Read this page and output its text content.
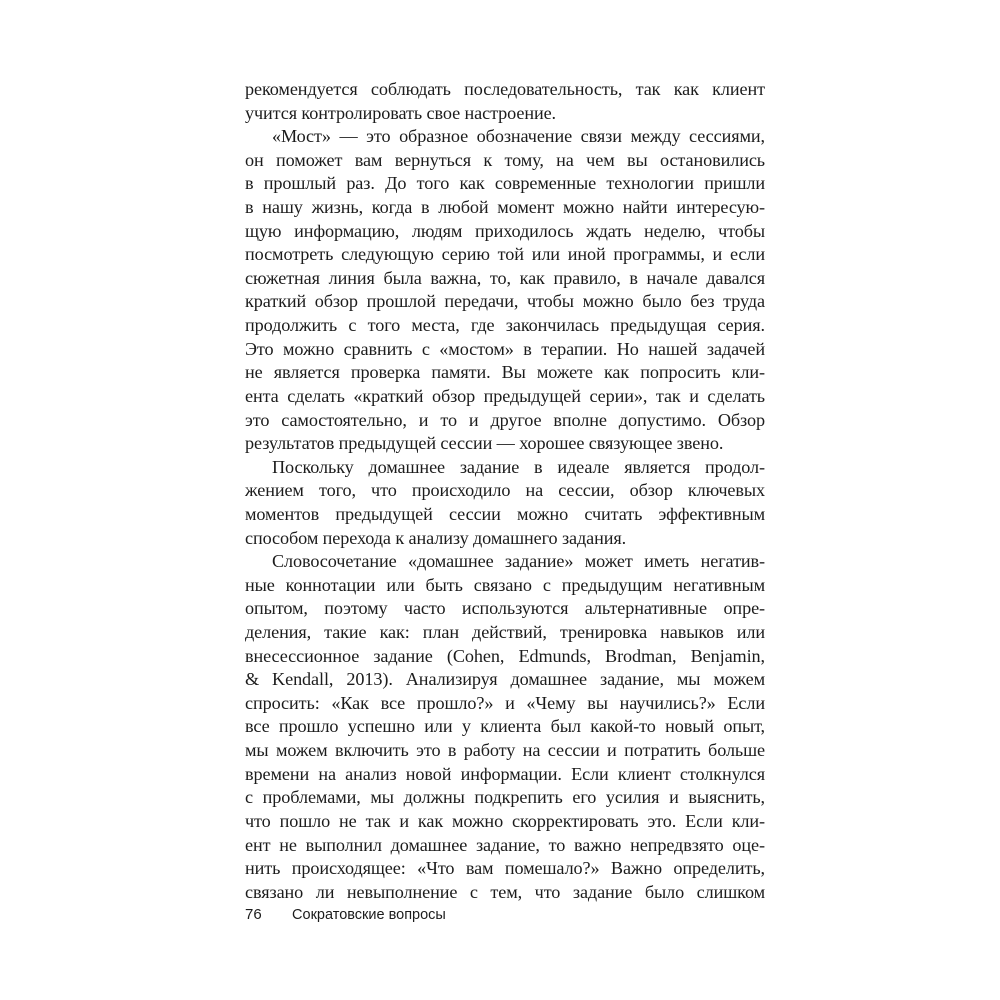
рекомендуется соблюдать последовательность, так как клиент
учится контролировать свое настроение.
«Мост» — это образное обозначение связи между сессиями,
он поможет вам вернуться к тому, на чем вы остановились
в прошлый раз. До того как современные технологии пришли
в нашу жизнь, когда в любой момент можно найти интересую-
щую информацию, людям приходилось ждать неделю, чтобы
посмотреть следующую серию той или иной программы, и если
сюжетная линия была важна, то, как правило, в начале давался
краткий обзор прошлой передачи, чтобы можно было без труда
продолжить с того места, где закончилась предыдущая серия.
Это можно сравнить с «мостом» в терапии. Но нашей задачей
не является проверка памяти. Вы можете как попросить кли-
ента сделать «краткий обзор предыдущей серии», так и сделать
это самостоятельно, и то и другое вполне допустимо. Обзор
результатов предыдущей сессии — хорошее связующее звено.
Поскольку домашнее задание в идеале является продол-
жением того, что происходило на сессии, обзор ключевых
моментов предыдущей сессии можно считать эффективным
способом перехода к анализу домашнего задания.
Словосочетание «домашнее задание» может иметь негатив-
ные коннотации или быть связано с предыдущим негативным
опытом, поэтому часто используются альтернативные опре-
деления, такие как: план действий, тренировка навыков или
внесессионное задание (Cohen, Edmunds, Brodman, Benjamin,
& Kendall, 2013). Анализируя домашнее задание, мы можем
спросить: «Как все прошло?» и «Чему вы научились?» Если
все прошло успешно или у клиента был какой-то новый опыт,
мы можем включить это в работу на сессии и потратить больше
времени на анализ новой информации. Если клиент столкнулся
с проблемами, мы должны подкрепить его усилия и выяснить,
что пошло не так и как можно скорректировать это. Если кли-
ент не выполнил домашнее задание, то важно непредвзято оце-
нить происходящее: «Что вам помешало?» Важно определить,
связано ли невыполнение с тем, что задание было слишком
76 Сократовские вопросы
